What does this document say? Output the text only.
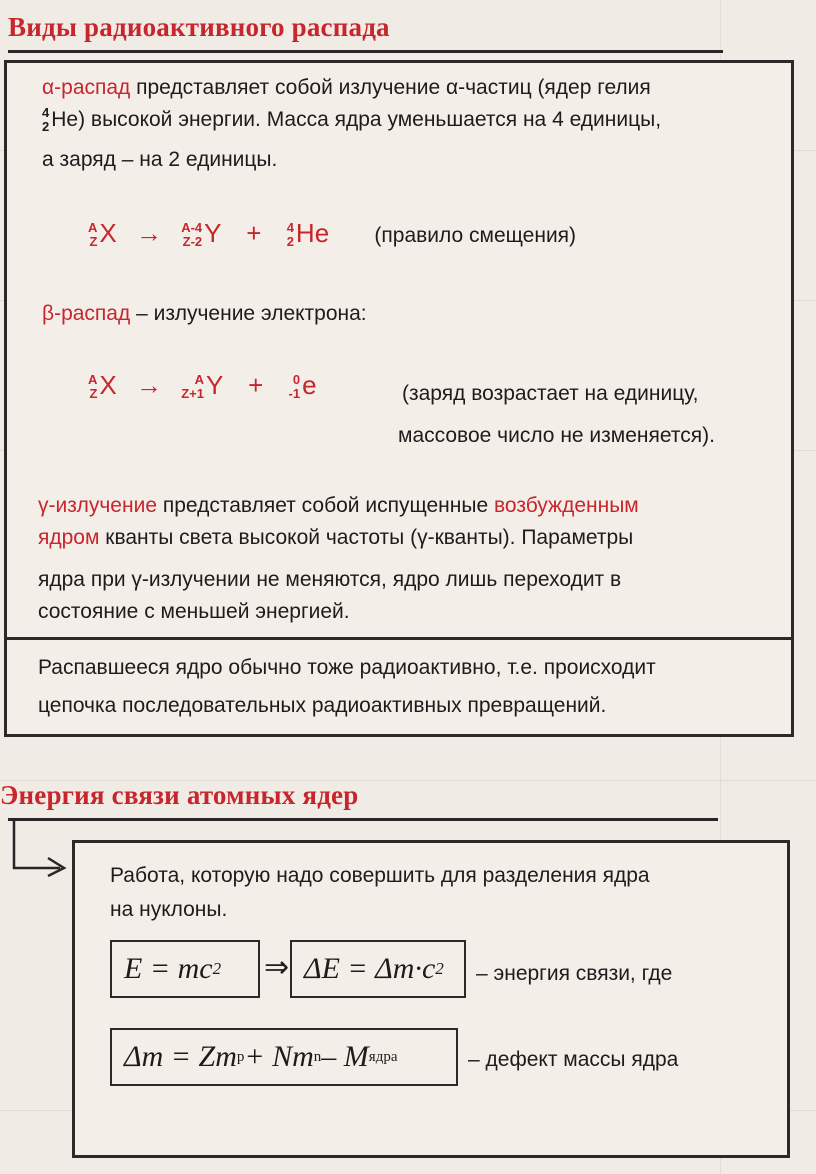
Виды радиоактивного распада
α-распад представляет собой излучение α-частиц (ядер гелия
4
2 He) высокой энергии. Масса ядра уменьшается на 4 единицы,
а заряд – на 2 единицы.
A
Z X → A-4
Z-2 Y + 4
2 He (правило смещения)
β-распад – излучение электрона:
A
Z X →	A
Z+1 Y +	0
-1 e	(заряд возрастает на единицу,
массовое число не изменяется).
γ-излучение представляет собой испущенные возбужденным
ядром кванты света высокой частоты (γ-кванты). Параметры
ядра при γ-излучении не меняются, ядро лишь переходит в
состояние с меньшей энергией.
Распавшееся ядро обычно тоже радиоактивно, т.е. происходит
цепочка последовательных радиоактивных превращений.
Энергия связи атомных ядер
Работа, которую надо совершить для разделения ядра
на нуклоны.
E = mc 2 ⇒ ΔE = Δm·c 2 – энергия связи, где
Δm = Zm p + Nm n – M ядра	– дефект массы ядра
